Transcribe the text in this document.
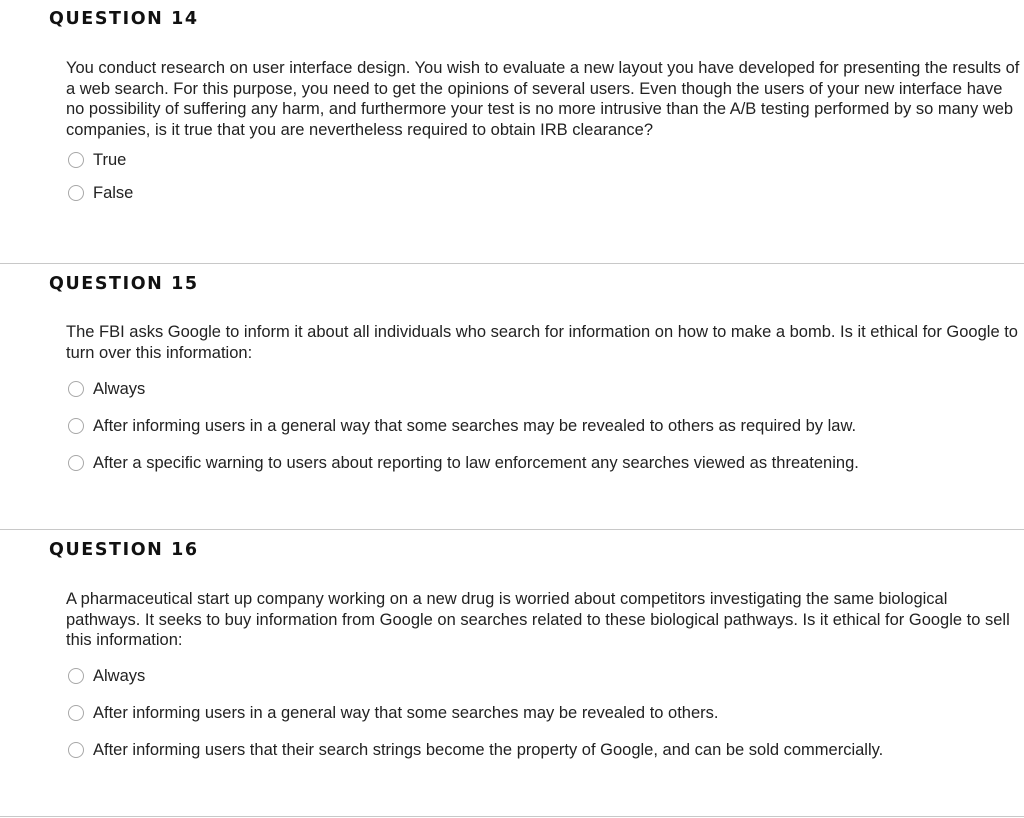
QUESTION 14
You conduct research on user interface design. You wish to evaluate a new layout you have developed for presenting the results of a web search. For this purpose, you need to get the opinions of several users. Even though the users of your new interface have no possibility of suffering any harm, and furthermore your test is no more intrusive than the A/B testing performed by so many web companies, is it true that you are nevertheless required to obtain IRB clearance?
True
False
QUESTION 15
The FBI asks Google to inform it about all individuals who search for information on how to make a bomb. Is it ethical for Google to turn over this information:
Always
After informing users in a general way that some searches may be revealed to others as required by law.
After a specific warning to users about reporting to law enforcement any searches viewed as threatening.
QUESTION 16
A pharmaceutical start up company working on a new drug is worried about competitors investigating the same biological pathways. It seeks to buy information from Google on searches related to these biological pathways. Is it ethical for Google to sell this information:
Always
After informing users in a general way that some searches may be revealed to others.
After informing users that their search strings become the property of Google, and can be sold commercially.
